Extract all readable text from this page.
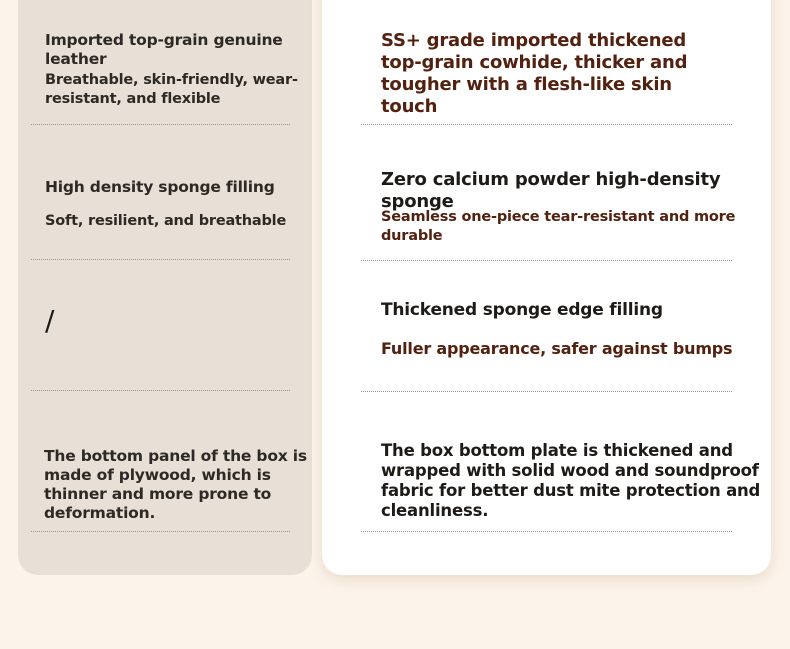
Imported top-grain genuine leather

Breathable, skin-friendly, wear-resistant, and flexible

High density sponge filling

Soft, resilient, and breathable

/

The bottom panel of the box is made of plywood, which is thinner and more prone to deformation.

SS+ grade imported thickened top-grain cowhide, thicker and tougher with a flesh-like skin touch

Zero calcium powder high-density sponge

Seamless one-piece tear-resistant and more durable

Thickened sponge edge filling

Fuller appearance, safer against bumps

The box bottom plate is thickened and wrapped with solid wood and soundproof fabric for better dust mite protection and cleanliness.
